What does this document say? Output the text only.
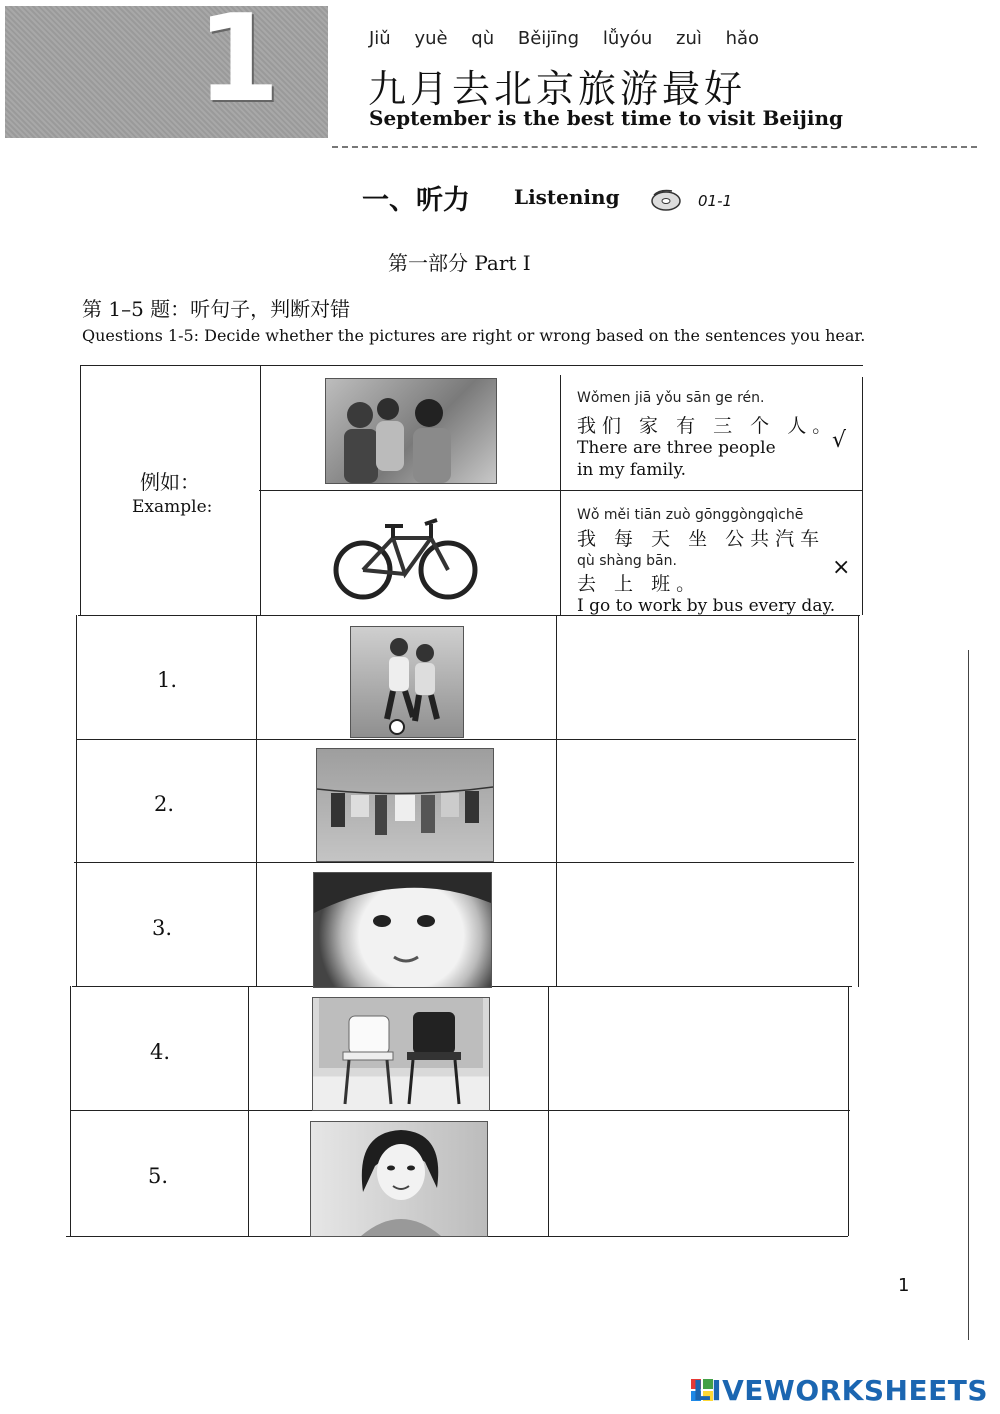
1	Jiǔ yuè qù Běijīng lǚyóu zuì hǎo
九月去北京旅游最好
September is the best time to visit Beijing
一、听力 Listening	01-1
第一部分 Part Ⅰ
第 1–5 题：听句子，判断对错
Questions 1-5: Decide whether the pictures are right or wrong based on the sentences you hear.
例如：
Example:
Wǒmen jiā yǒu sān ge rén.
我们 家 有 三 个 人。
There are three people in my family.
√
Wǒ měi tiān zuò gōnggòngqìchē
我 每 天 坐 公共汽车
qù shàng bān.
去 上 班。
I go to work by bus every day.
×
1.
2.
3.
4.
5.
1
LIVEWORKSHEETS
